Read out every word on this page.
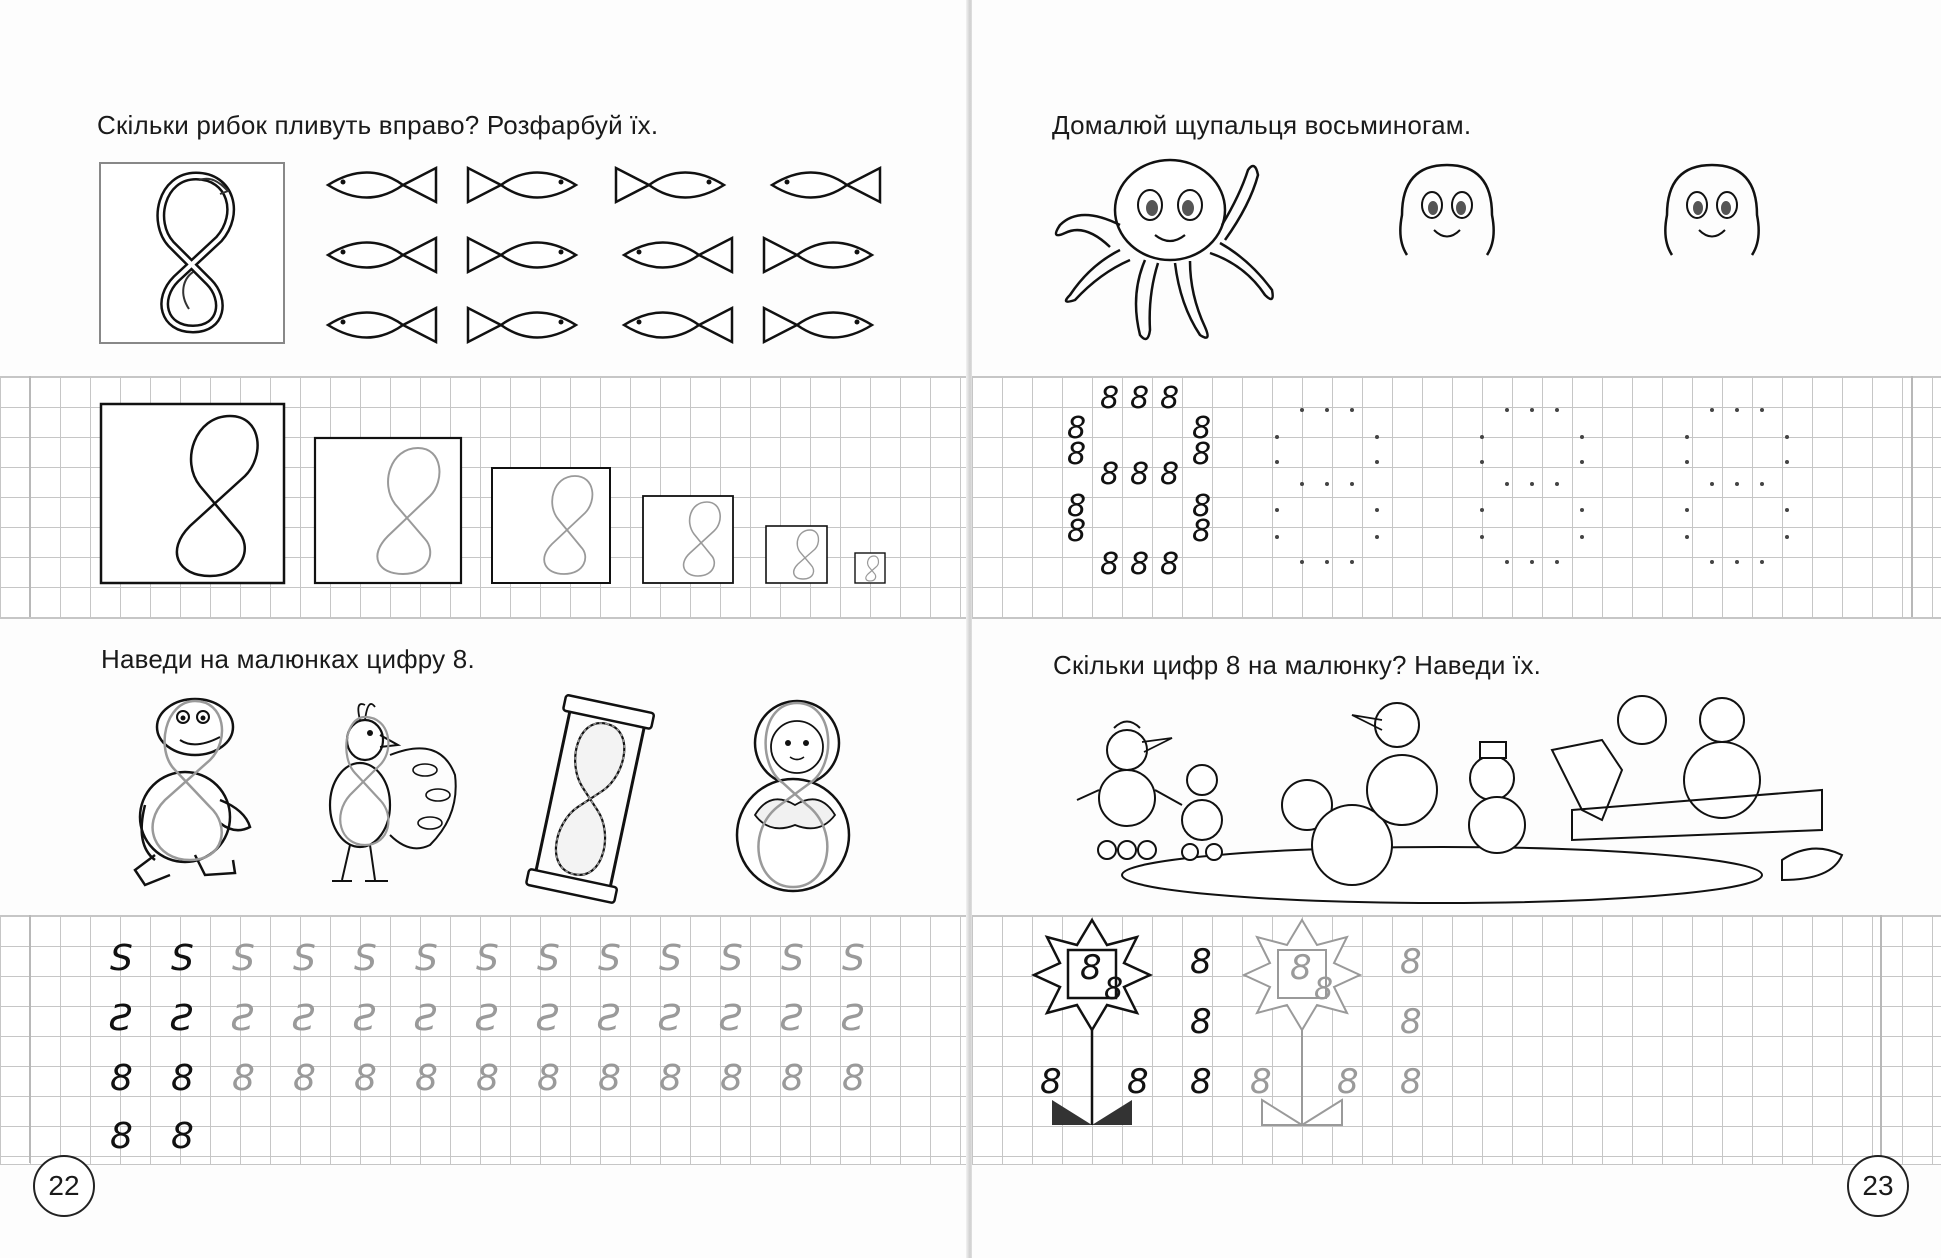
Скільки рибок пливуть вправо? Розфарбуй їх.
Наведи на малюнках цифру 8.
S S S S S S S S S S S S S
Ƨ Ƨ Ƨ Ƨ Ƨ Ƨ Ƨ Ƨ Ƨ Ƨ Ƨ Ƨ Ƨ
8 8 8 8 8 8 8 8 8 8 8 8 8
8 8
22
Домалюй щупальця восьминогам.
8 8 8
8	8
8	8
8 8 8
8	8
8	8
8 8 8
Скільки цифр 8 на малюнку? Наведи їх.
8
8
8 8
8
8
8
8
8
8 8
8
8
8
23
